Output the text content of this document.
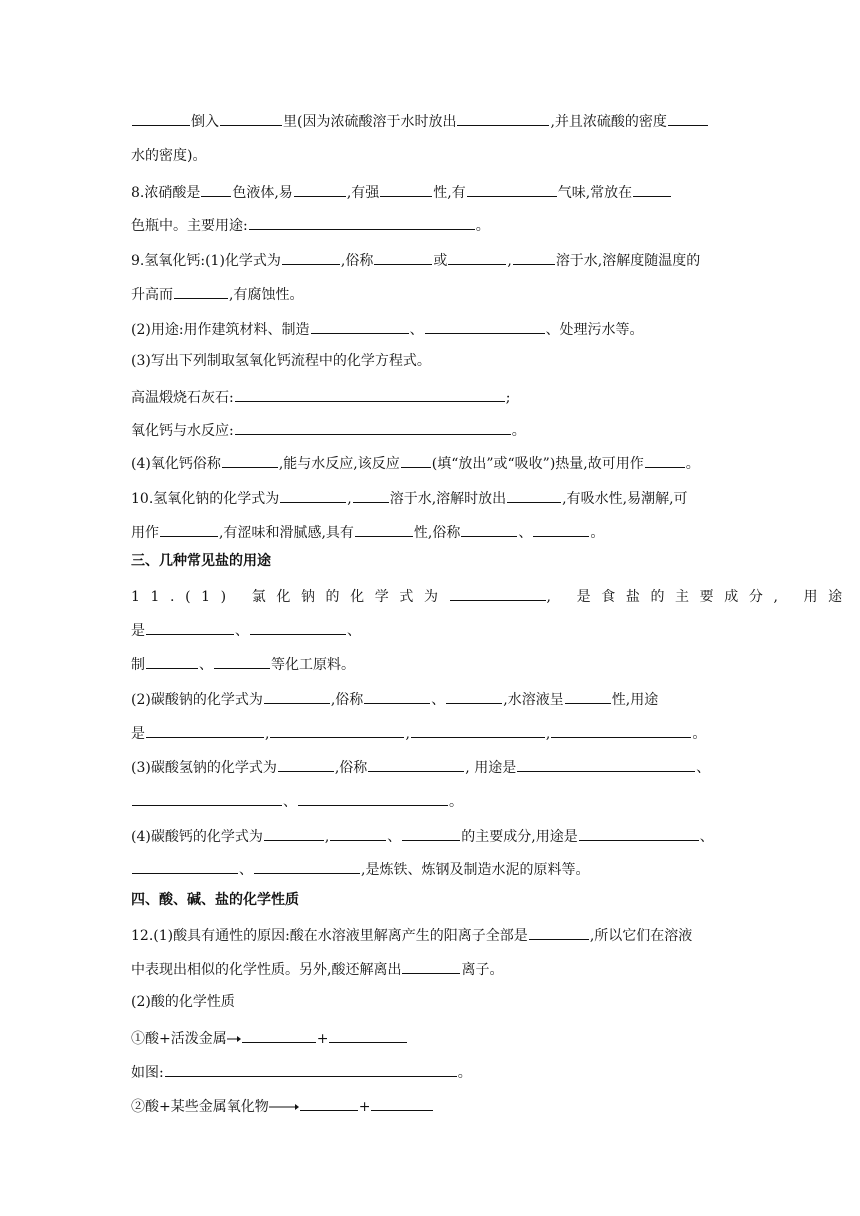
倒入	里(因为浓硫酸溶于水时放出	,并且浓硫酸的密度
水的密度)。
8.浓硝酸是 色液体,易	,有强	性,有	气味,常放在
色瓶中。主要用途:	。
9.氢氧化钙:(1)化学式为	,俗称	或	,	溶于水,溶解度随温度的
升高而	,有腐蚀性。
(2)用途:用作建筑材料、制造	、	、处理污水等。
(3)写出下列制取氢氧化钙流程中的化学方程式。
高温煅烧石灰石:	;
氧化钙与水反应:	。
(4)氧化钙俗称	,能与水反应,该反应 (填“放出”或“吸收”)热量,故可用作	。
10.氢氧化钠的化学式为	,	溶于水,溶解时放出	,有吸水性,易潮解,可
用作	,有涩味和滑腻感,具有	性,俗称	、	。
三、几种常见盐的用途
11.(1) 氯化钠的化学式为	, 是食盐的主要成分, 用途
是	、	、
制	、	等化工原料。
(2)碳酸钠的化学式为	,俗称	、	,水溶液呈	性,用途
是	,	,	,	。
(3)碳酸氢钠的化学式为	,俗称	, 用途是	、
、	。
(4)碳酸钙的化学式为	,	、	的主要成分,用途是	、
、	,是炼铁、炼钢及制造水泥的原料等。
四、酸、碱、盐的化学性质
12.(1)酸具有通性的原因:酸在水溶液里解离产生的阳离子全部是	,所以它们在溶液
中表现出相似的化学性质。另外,酸还解离出	离子。
(2)酸的化学性质
①酸+活泼金属	+
如图:	。
②酸+某些金属氧化物	+
